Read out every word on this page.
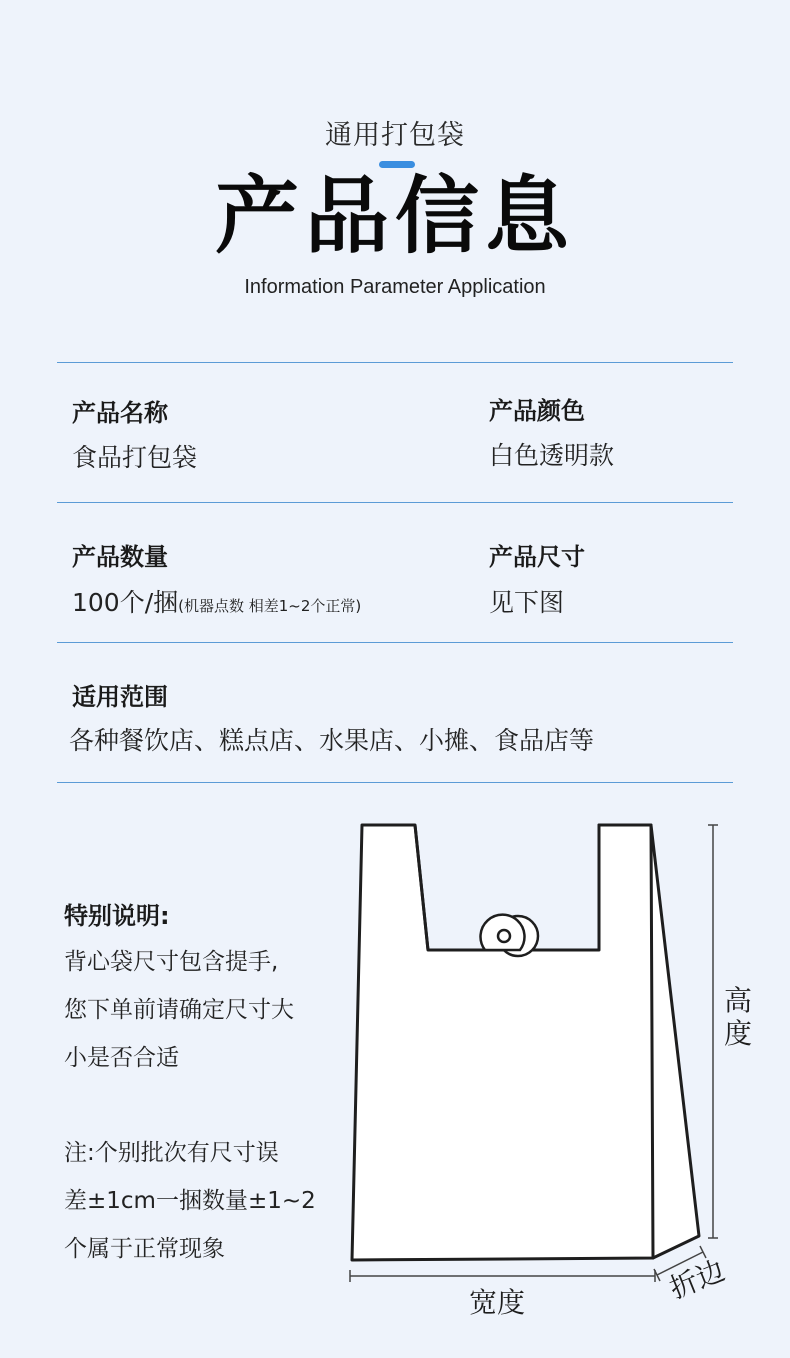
通用打包袋
产品信息
Information Parameter Application
产品名称
食品打包袋
产品颜色
白色透明款
产品数量
100个/捆(机器点数 相差1~2个正常)
产品尺寸
见下图
适用范围
各种餐饮店、糕点店、水果店、小摊、食品店等
特别说明:
背心袋尺寸包含提手,
您下单前请确定尺寸大
小是否合适
注:个别批次有尺寸误
差±1cm一捆数量±1~2
个属于正常现象
高度
宽度	折边
